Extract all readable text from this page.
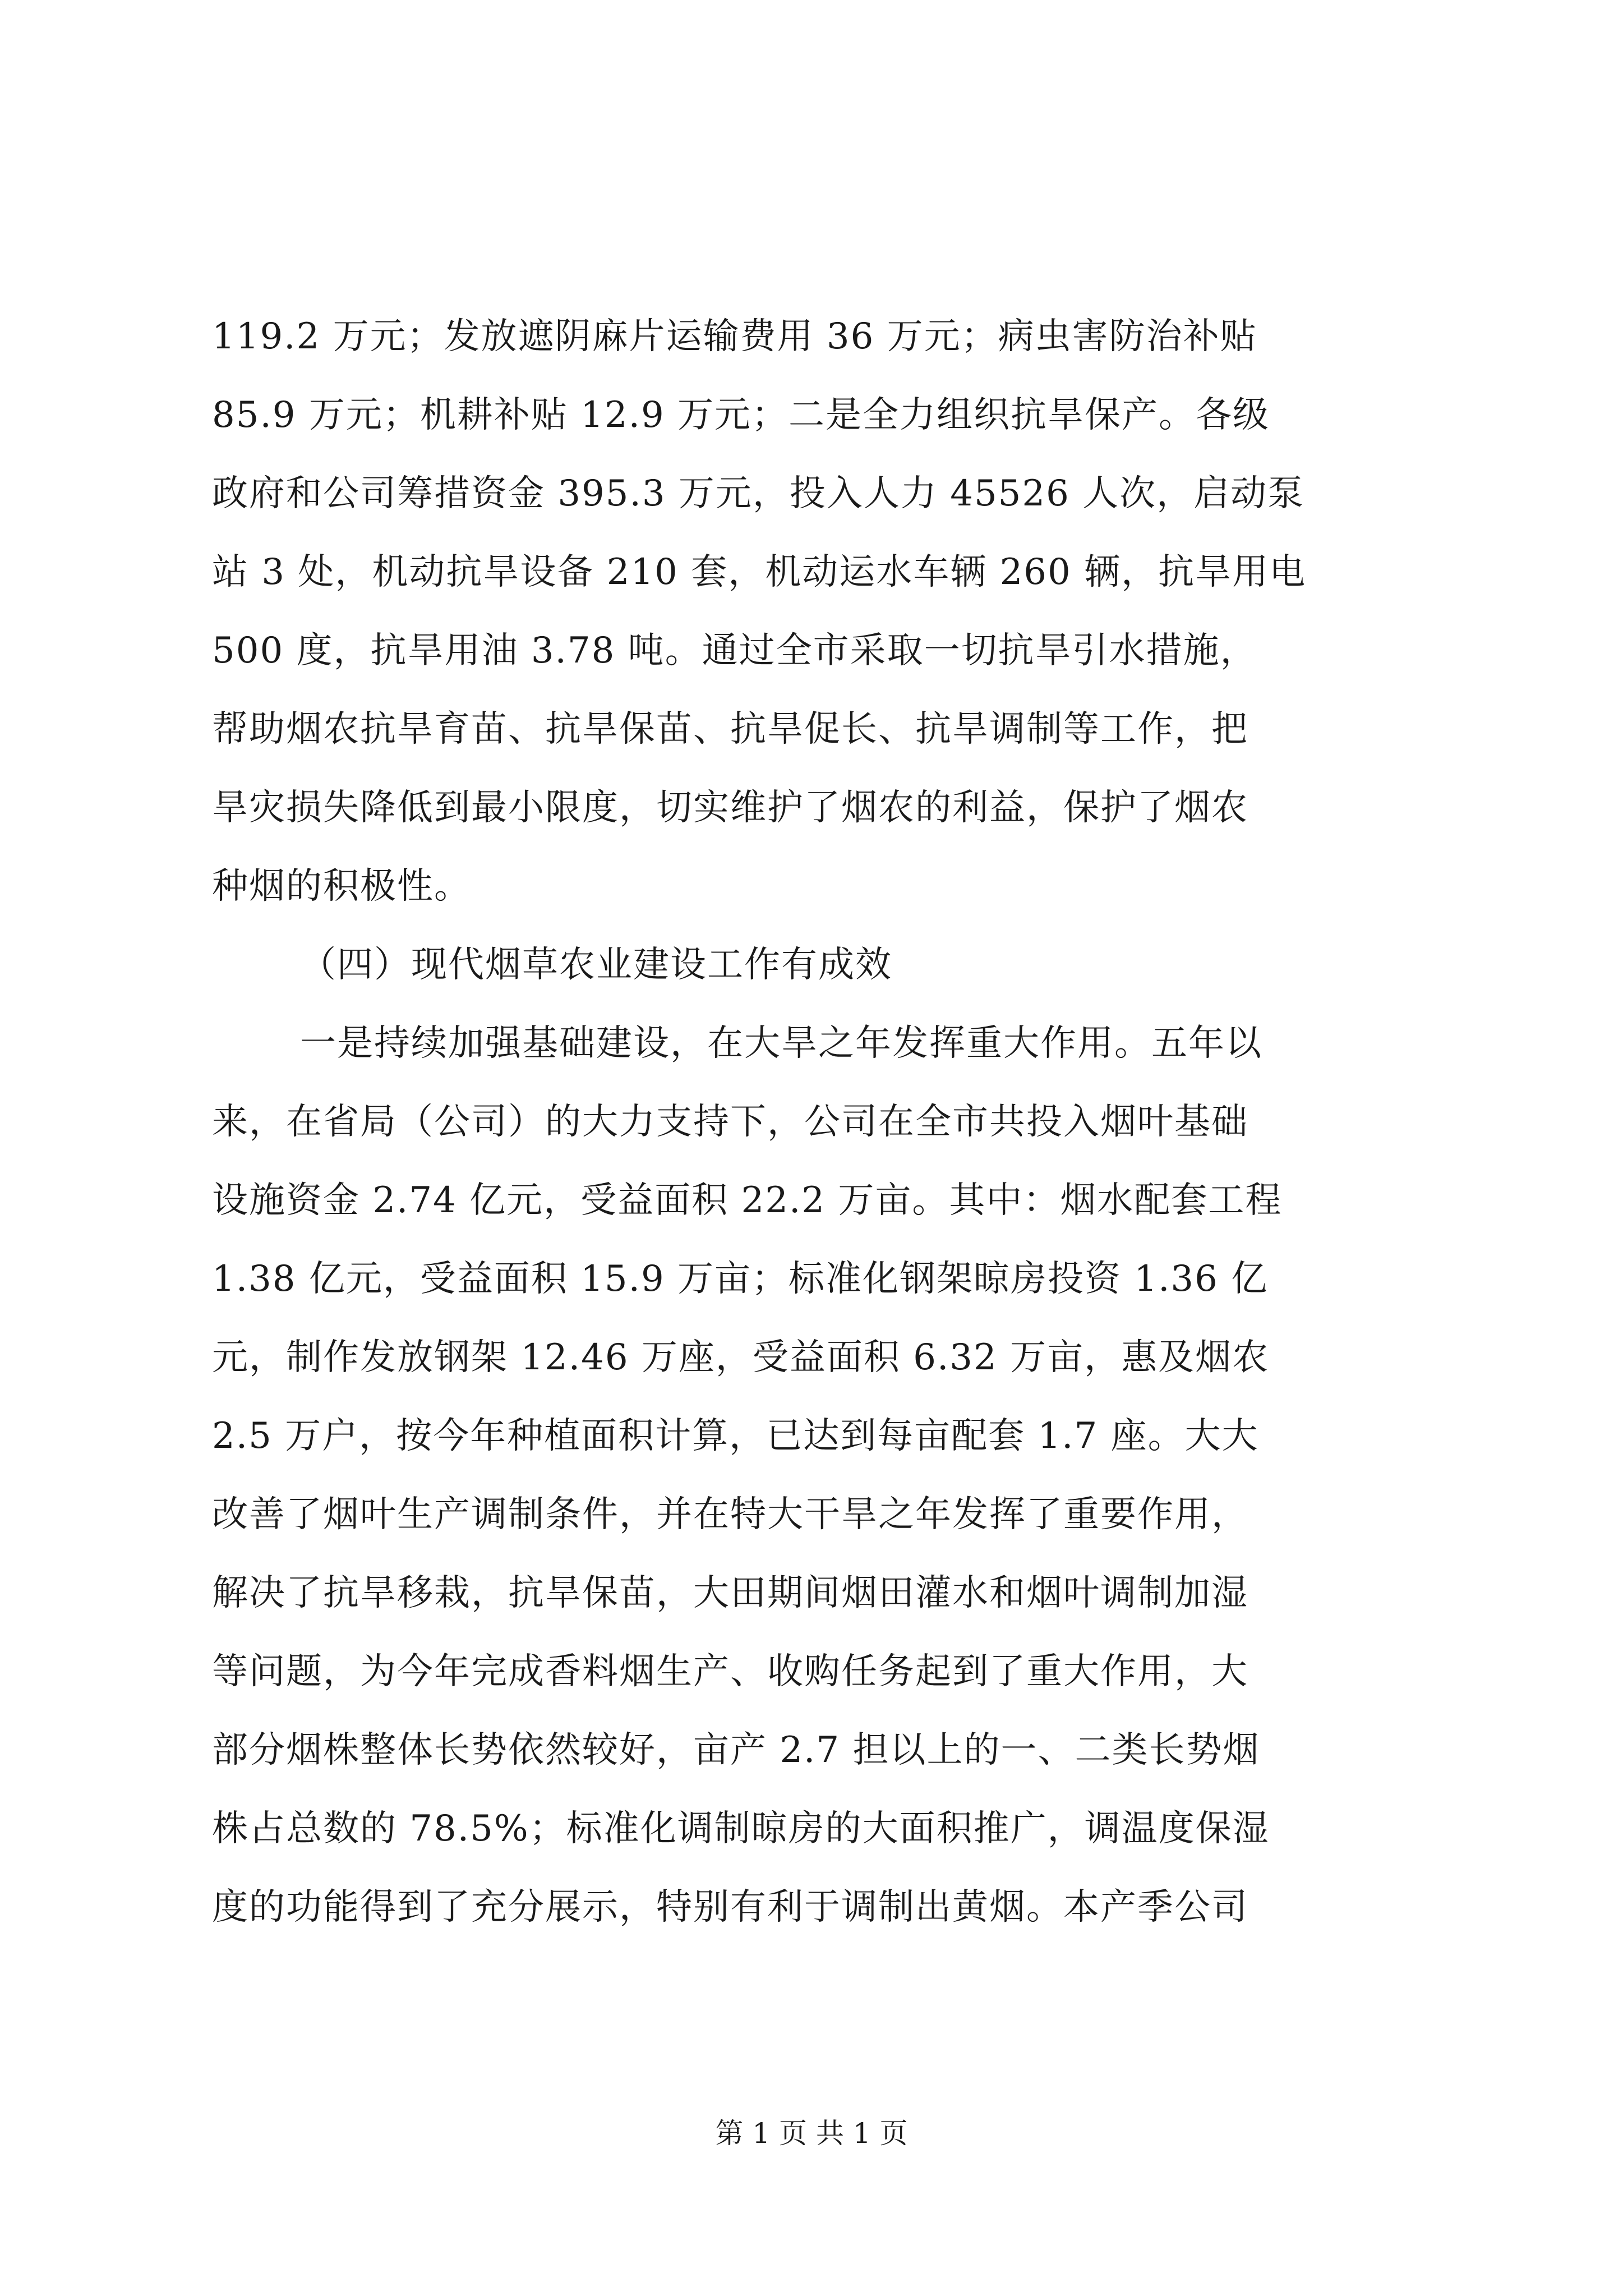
119.2 万元；发放遮阴麻片运输费用 36 万元；病虫害防治补贴
85.9 万元；机耕补贴 12.9 万元；二是全力组织抗旱保产。各级
政府和公司筹措资金 395.3 万元，投入人力 45526 人次，启动泵
站 3 处，机动抗旱设备 210 套，机动运水车辆 260 辆，抗旱用电
500 度，抗旱用油 3.78 吨。通过全市采取一切抗旱引水措施，
帮助烟农抗旱育苗、抗旱保苗、抗旱促长、抗旱调制等工作，把
旱灾损失降低到最小限度，切实维护了烟农的利益，保护了烟农
种烟的积极性。
（四）现代烟草农业建设工作有成效
一是持续加强基础建设，在大旱之年发挥重大作用。五年以
来，在省局（公司）的大力支持下，公司在全市共投入烟叶基础
设施资金 2.74 亿元，受益面积 22.2 万亩。其中：烟水配套工程
1.38 亿元，受益面积 15.9 万亩；标准化钢架晾房投资 1.36 亿
元，制作发放钢架 12.46 万座，受益面积 6.32 万亩，惠及烟农
2.5 万户，按今年种植面积计算，已达到每亩配套 1.7 座。大大
改善了烟叶生产调制条件，并在特大干旱之年发挥了重要作用，
解决了抗旱移栽，抗旱保苗，大田期间烟田灌水和烟叶调制加湿
等问题，为今年完成香料烟生产、收购任务起到了重大作用，大
部分烟株整体长势依然较好，亩产 2.7 担以上的一、二类长势烟
株占总数的 78.5%；标准化调制晾房的大面积推广，调温度保湿
度的功能得到了充分展示，特别有利于调制出黄烟。本产季公司
第 1 页 共 1 页
